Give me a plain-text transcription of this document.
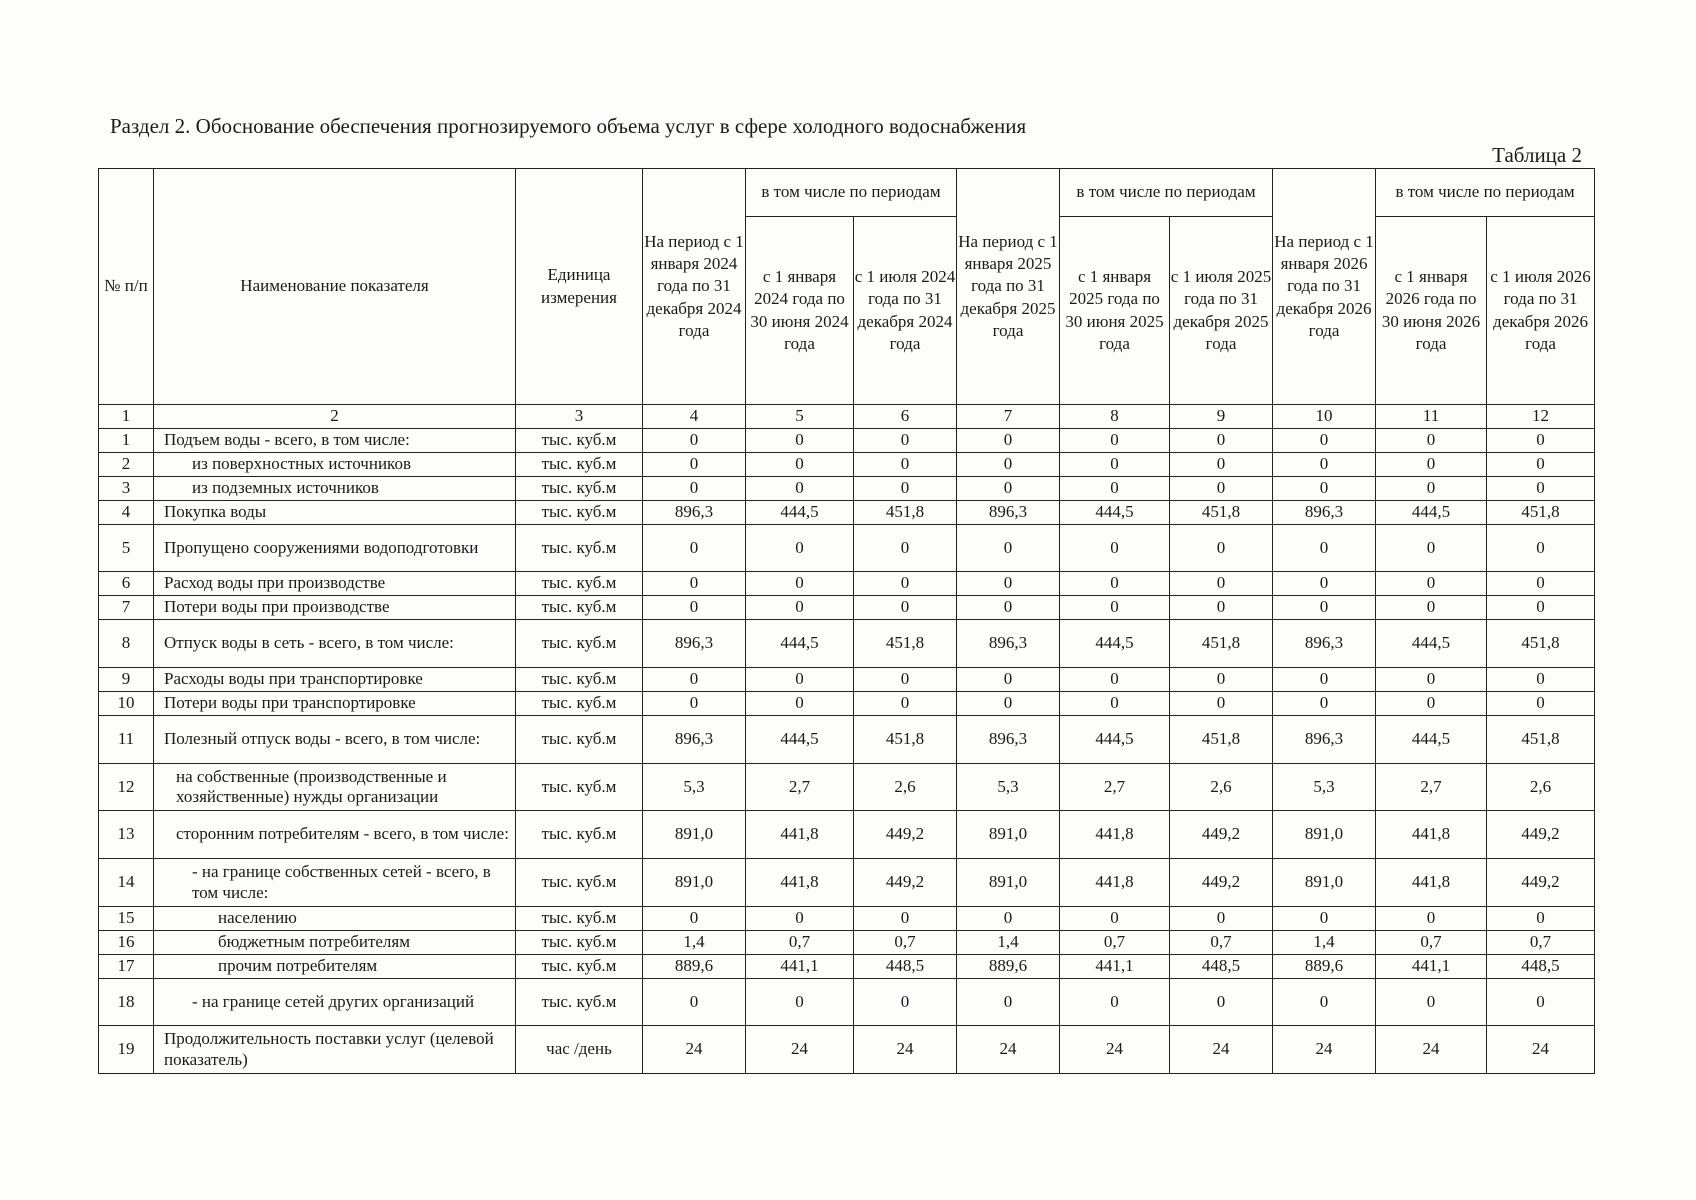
Раздел 2. Обоснование обеспечения прогнозируемого объема услуг в сфере холодного водоснабжения
Таблица 2
№ п/п	Наименование показателя	Единица измерения	На период с 1 января 2024 года по 31 декабря 2024 года	в том числе по периодам		На период с 1 января 2025 года по 31 декабря 2025 года	в том числе по периодам		На период с 1 января 2026 года по 31 декабря 2026 года	в том числе по периодам	
				с 1 января 2024 года по 30 июня 2024 года	с 1 июля 2024 года по 31 декабря 2024 года		с 1 января 2025 года по 30 июня 2025 года	с 1 июля 2025 года по 31 декабря 2025 года		с 1 января 2026 года по 30 июня 2026 года	с 1 июля 2026 года по 31 декабря 2026 года
1	2	3	4	5	6	7	8	9	10	11	12
1	Подъем воды - всего, в том числе:	тыс. куб.м	0	0	0	0	0	0	0	0	0
2	из поверхностных источников	тыс. куб.м	0	0	0	0	0	0	0	0	0
3	из подземных источников	тыс. куб.м	0	0	0	0	0	0	0	0	0
4	Покупка воды	тыс. куб.м	896,3	444,5	451,8	896,3	444,5	451,8	896,3	444,5	451,8
5	Пропущено сооружениями водоподготовки	тыс. куб.м	0	0	0	0	0	0	0	0	0
6	Расход воды при производстве	тыс. куб.м	0	0	0	0	0	0	0	0	0
7	Потери воды при производстве	тыс. куб.м	0	0	0	0	0	0	0	0	0
8	Отпуск воды в сеть - всего, в том числе:	тыс. куб.м	896,3	444,5	451,8	896,3	444,5	451,8	896,3	444,5	451,8
9	Расходы воды при транспортировке	тыс. куб.м	0	0	0	0	0	0	0	0	0
10	Потери воды при транспортировке	тыс. куб.м	0	0	0	0	0	0	0	0	0
11	Полезный отпуск воды - всего, в том числе:	тыс. куб.м	896,3	444,5	451,8	896,3	444,5	451,8	896,3	444,5	451,8
12	на собственные (производственные и хозяйственные) нужды организации	тыс. куб.м	5,3	2,7	2,6	5,3	2,7	2,6	5,3	2,7	2,6
13	сторонним потребителям - всего, в том числе:	тыс. куб.м	891,0	441,8	449,2	891,0	441,8	449,2	891,0	441,8	449,2
14	- на границе собственных сетей - всего, в том числе:	тыс. куб.м	891,0	441,8	449,2	891,0	441,8	449,2	891,0	441,8	449,2
15	населению	тыс. куб.м	0	0	0	0	0	0	0	0	0
16	бюджетным потребителям	тыс. куб.м	1,4	0,7	0,7	1,4	0,7	0,7	1,4	0,7	0,7
17	прочим потребителям	тыс. куб.м	889,6	441,1	448,5	889,6	441,1	448,5	889,6	441,1	448,5
18	- на границе сетей других организаций	тыс. куб.м	0	0	0	0	0	0	0	0	0
19	Продолжительность поставки услуг (целевой показатель)	час /день	24	24	24	24	24	24	24	24	24
